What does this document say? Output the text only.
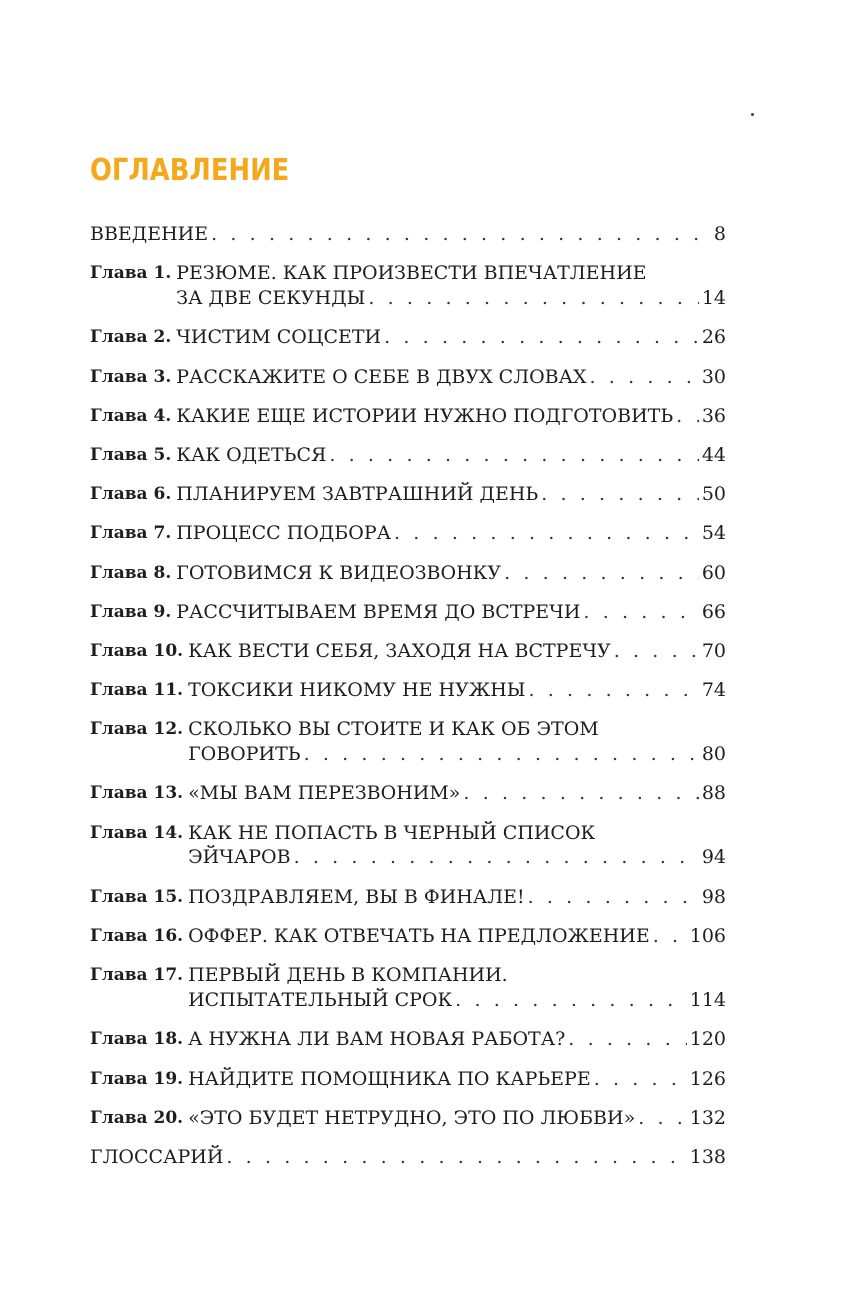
ОГЛАВЛЕНИЕ
ВВЕДЕНИЕ . . .	8
Глава 1. РЕЗЮМЕ. КАК ПРОИЗВЕСТИ ВПЕЧАТЛЕНИЕ
ЗА ДВЕ СЕКУНДЫ . . .	14
Глава 2. ЧИСТИМ СОЦСЕТИ . . .	26
Глава 3. РАССКАЖИТЕ О СЕБЕ В ДВУХ СЛОВАХ . . .	30
Глава 4. КАКИЕ ЕЩЕ ИСТОРИИ НУЖНО ПОДГОТОВИТЬ . . . 36
Глава 5. КАК ОДЕТЬСЯ . . .	44
Глава 6. ПЛАНИРУЕМ ЗАВТРАШНИЙ ДЕНЬ . . .	50
Глава 7. ПРОЦЕСС ПОДБОРА . . .	54
Глава 8. ГОТОВИМСЯ К ВИДЕОЗВОНКУ . . .	60
Глава 9. РАССЧИТЫВАЕМ ВРЕМЯ ДО ВСТРЕЧИ . . .	66
Глава 10. КАК ВЕСТИ СЕБЯ, ЗАХОДЯ НА ВСТРЕЧУ . . .	70
Глава 11. ТОКСИКИ НИКОМУ НЕ НУЖНЫ . . .	74
Глава 12. СКОЛЬКО ВЫ СТОИТЕ И КАК ОБ ЭТОМ
ГОВОРИТЬ . . .	80
Глава 13. «МЫ ВАМ ПЕРЕЗВОНИМ» . . .	88
Глава 14. КАК НЕ ПОПАСТЬ В ЧЕРНЫЙ СПИСОК
ЭЙЧАРОВ . . .	94
Глава 15. ПОЗДРАВЛЯЕМ, ВЫ В ФИНАЛЕ! . . .	98
Глава 16. ОФФЕР. КАК ОТВЕЧАТЬ НА ПРЕДЛОЖЕНИЕ . . . 106
Глава 17. ПЕРВЫЙ ДЕНЬ В КОМПАНИИ.
ИСПЫТАТЕЛЬНЫЙ СРОК . . .	114
Глава 18. А НУЖНА ЛИ ВАМ НОВАЯ РАБОТА? . . .	120
Глава 19. НАЙДИТЕ ПОМОЩНИКА ПО КАРЬЕРЕ . . .	126
Глава 20. «ЭТО БУДЕТ НЕТРУДНО, ЭТО ПО ЛЮБВИ» . . .	132
ГЛОССАРИЙ . . .	138
